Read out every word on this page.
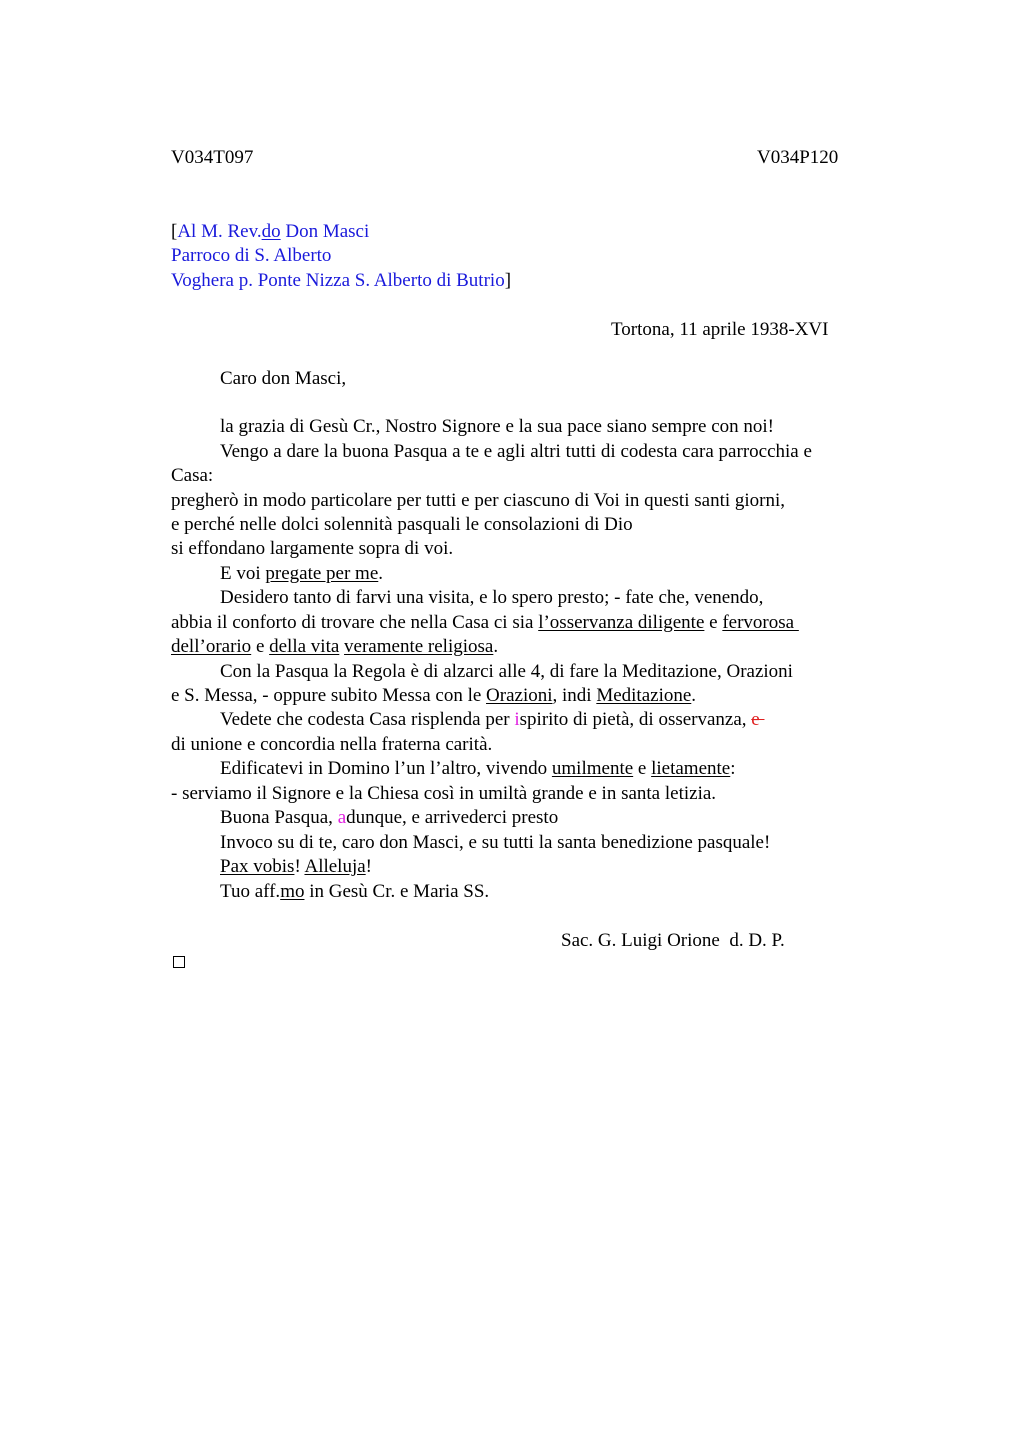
V034T097	V034P120
[Al M. Rev.do Don Masci
Parroco di S. Alberto
Voghera p. Ponte Nizza S. Alberto di Butrio]
Tortona, 11 aprile 1938-XVI
Caro don Masci,
la grazia di Gesù Cr., Nostro Signore e la sua pace siano sempre con noi!
Vengo a dare la buona Pasqua a te e agli altri tutti di codesta cara parrocchia e
Casa:
pregherò in modo particolare per tutti e per ciascuno di Voi in questi santi giorni,
e perché nelle dolci solennità pasquali le consolazioni di Dio
si effondano largamente sopra di voi.
E voi pregate per me.
Desidero tanto di farvi una visita, e lo spero presto; - fate che, venendo,
abbia il conforto di trovare che nella Casa ci sia l’osservanza diligente e fervorosa
dell’orario e della vita veramente religiosa.
Con la Pasqua la Regola è di alzarci alle 4, di fare la Meditazione, Orazioni
e S. Messa, - oppure subito Messa con le Orazioni, indi Meditazione.
Vedete che codesta Casa risplenda per ispirito di pietà, di osservanza, e
di unione e concordia nella fraterna carità.
Edificatevi in Domino l’un l’altro, vivendo umilmente e lietamente:
- serviamo il Signore e la Chiesa così in umiltà grande e in santa letizia.
Buona Pasqua, adunque, e arrivederci presto
Invoco su di te, caro don Masci, e su tutti la santa benedizione pasquale!
Pax vobis! Alleluja!
Tuo aff.mo in Gesù Cr. e Maria SS.
Sac. G. Luigi Orione  d. D. P.
